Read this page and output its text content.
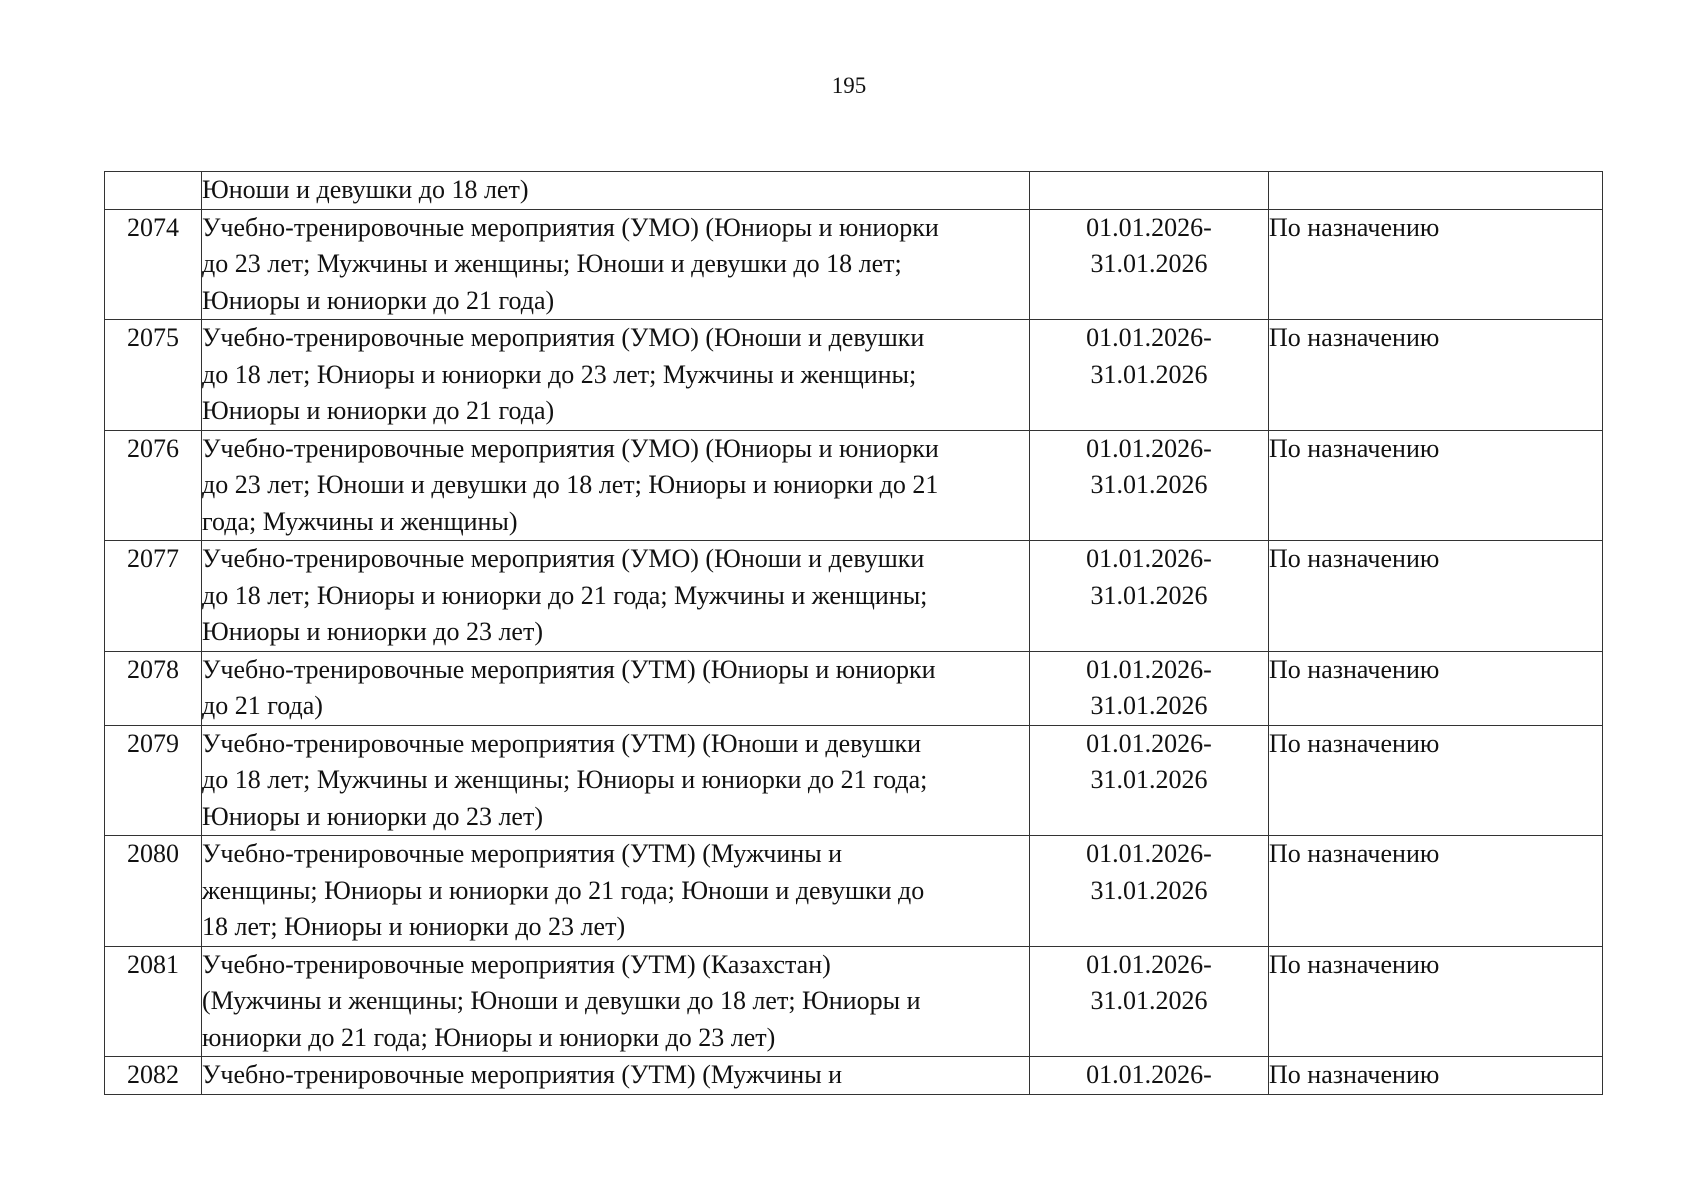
195

	Юноши и девушки до 18 лет)		

2074	Учебно-тренировочные мероприятия (УМО) (Юниоры и юниорки
до 23 лет; Мужчины и женщины; Юноши и девушки до 18 лет;
Юниоры и юниорки до 21 года)	01.01.2026-
31.01.2026	По назначению

2075	Учебно-тренировочные мероприятия (УМО) (Юноши и девушки
до 18 лет; Юниоры и юниорки до 23 лет; Мужчины и женщины;
Юниоры и юниорки до 21 года)	01.01.2026-
31.01.2026	По назначению

2076	Учебно-тренировочные мероприятия (УМО) (Юниоры и юниорки
до 23 лет; Юноши и девушки до 18 лет; Юниоры и юниорки до 21
года; Мужчины и женщины)	01.01.2026-
31.01.2026	По назначению

2077	Учебно-тренировочные мероприятия (УМО) (Юноши и девушки
до 18 лет; Юниоры и юниорки до 21 года; Мужчины и женщины;
Юниоры и юниорки до 23 лет)	01.01.2026-
31.01.2026	По назначению

2078	Учебно-тренировочные мероприятия (УТМ) (Юниоры и юниорки
до 21 года)	01.01.2026-
31.01.2026	По назначению

2079	Учебно-тренировочные мероприятия (УТМ) (Юноши и девушки
до 18 лет; Мужчины и женщины; Юниоры и юниорки до 21 года;
Юниоры и юниорки до 23 лет)	01.01.2026-
31.01.2026	По назначению

2080	Учебно-тренировочные мероприятия (УТМ) (Мужчины и
женщины; Юниоры и юниорки до 21 года; Юноши и девушки до
18 лет; Юниоры и юниорки до 23 лет)	01.01.2026-
31.01.2026	По назначению

2081	Учебно-тренировочные мероприятия (УТМ) (Казахстан)
(Мужчины и женщины; Юноши и девушки до 18 лет; Юниоры и
юниорки до 21 года; Юниоры и юниорки до 23 лет)	01.01.2026-
31.01.2026	По назначению

2082	Учебно-тренировочные мероприятия (УТМ) (Мужчины и	01.01.2026-	По назначению
